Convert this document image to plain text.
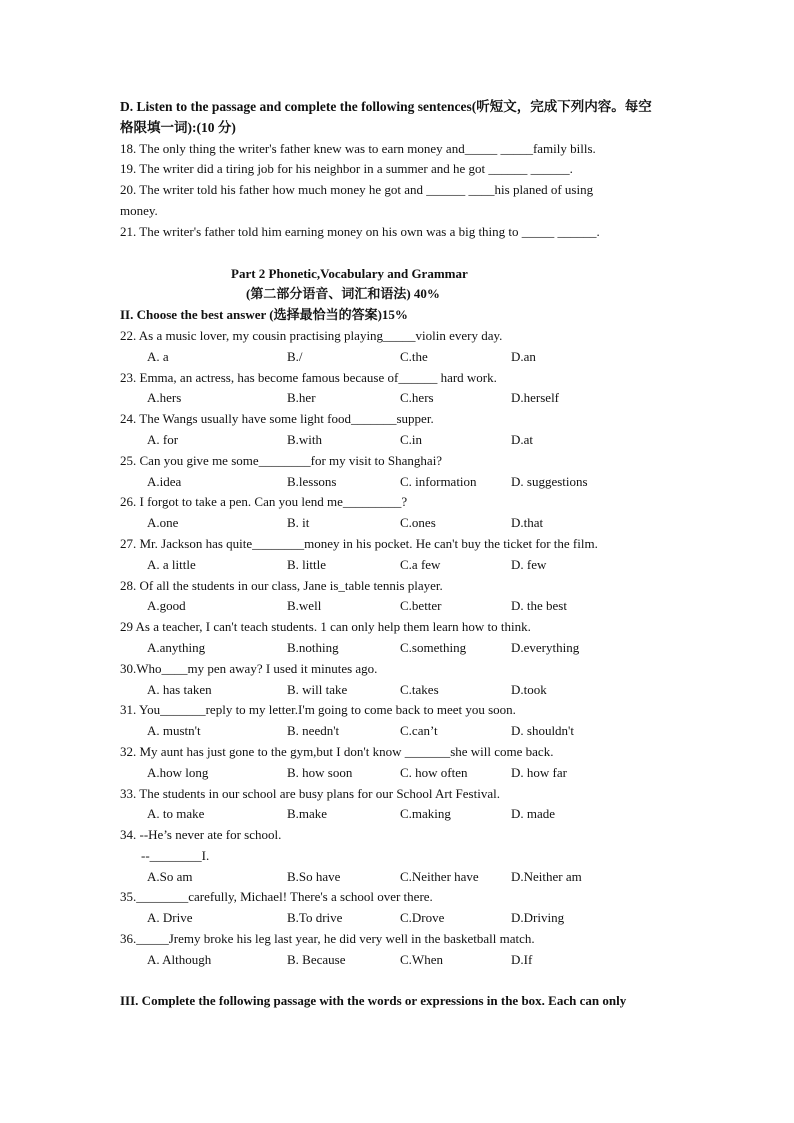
D. Listen to the passage and complete the following sentences(听短文，完成下列内容。每空
格限填一词):(10 分)
18. The only thing the writer's father knew was to earn money and_____ _____family bills.
19. The writer did a tiring job for his neighbor in a summer and he got ______ ______.
20. The writer told his father how much money he got and ______ ____his planed of using
money.
21. The writer's father told him earning money on his own was a big thing to _____ ______.
Part 2 Phonetic,Vocabulary and Grammar
(第二部分语音、词汇和语法) 40%
II. Choose the best answer (选择最恰当的答案)15%
22. As a music lover, my cousin practising playing_____violin every day.
A. a	B./	C.the	D.an
23. Emma, an actress, has become famous because of______ hard work.
A.hers	B.her	C.hers	D.herself
24. The Wangs usually have some light food_______supper.
A. for	B.with	C.in	D.at
25. Can you give me some________for my visit to Shanghai?
A.idea	B.lessons	C. information	D. suggestions
26. I forgot to take a pen. Can you lend me_________?
A.one	B. it	C.ones	D.that
27. Mr. Jackson has quite________money in his pocket. He can't buy the ticket for the film.
A. a little	B. little	C.a few	D. few
28. Of all the students in our class, Jane is_table tennis player.
A.good	B.well	C.better	D. the best
29 As a teacher, I can't teach students. 1 can only help them learn how to think.
A.anything	B.nothing	C.something	D.everything
30.Who____my pen away? I used it minutes ago.
A. has taken	B. will take	C.takes	D.took
31. You_______reply to my letter.I'm going to come back to meet you soon.
A. mustn't	B. needn't	C.can’t	D. shouldn't
32. My aunt has just gone to the gym,but I don't know _______she will come back.
A.how long	B. how soon	C. how often	D. how far
33. The students in our school are busy plans for our School Art Festival.
A. to make	B.make	C.making	D. made
34. --He’s never ate for school.
--________I.
A.So am	B.So have	C.Neither have D.Neither am
35.________carefully, Michael! There's a school over there.
A. Drive	B.To drive	C.Drove	D.Driving
36._____Jremy broke his leg last year, he did very well in the basketball match.
A. Although	B. Because	C.When	D.If
III. Complete the following passage with the words or expressions in the box. Each can only
